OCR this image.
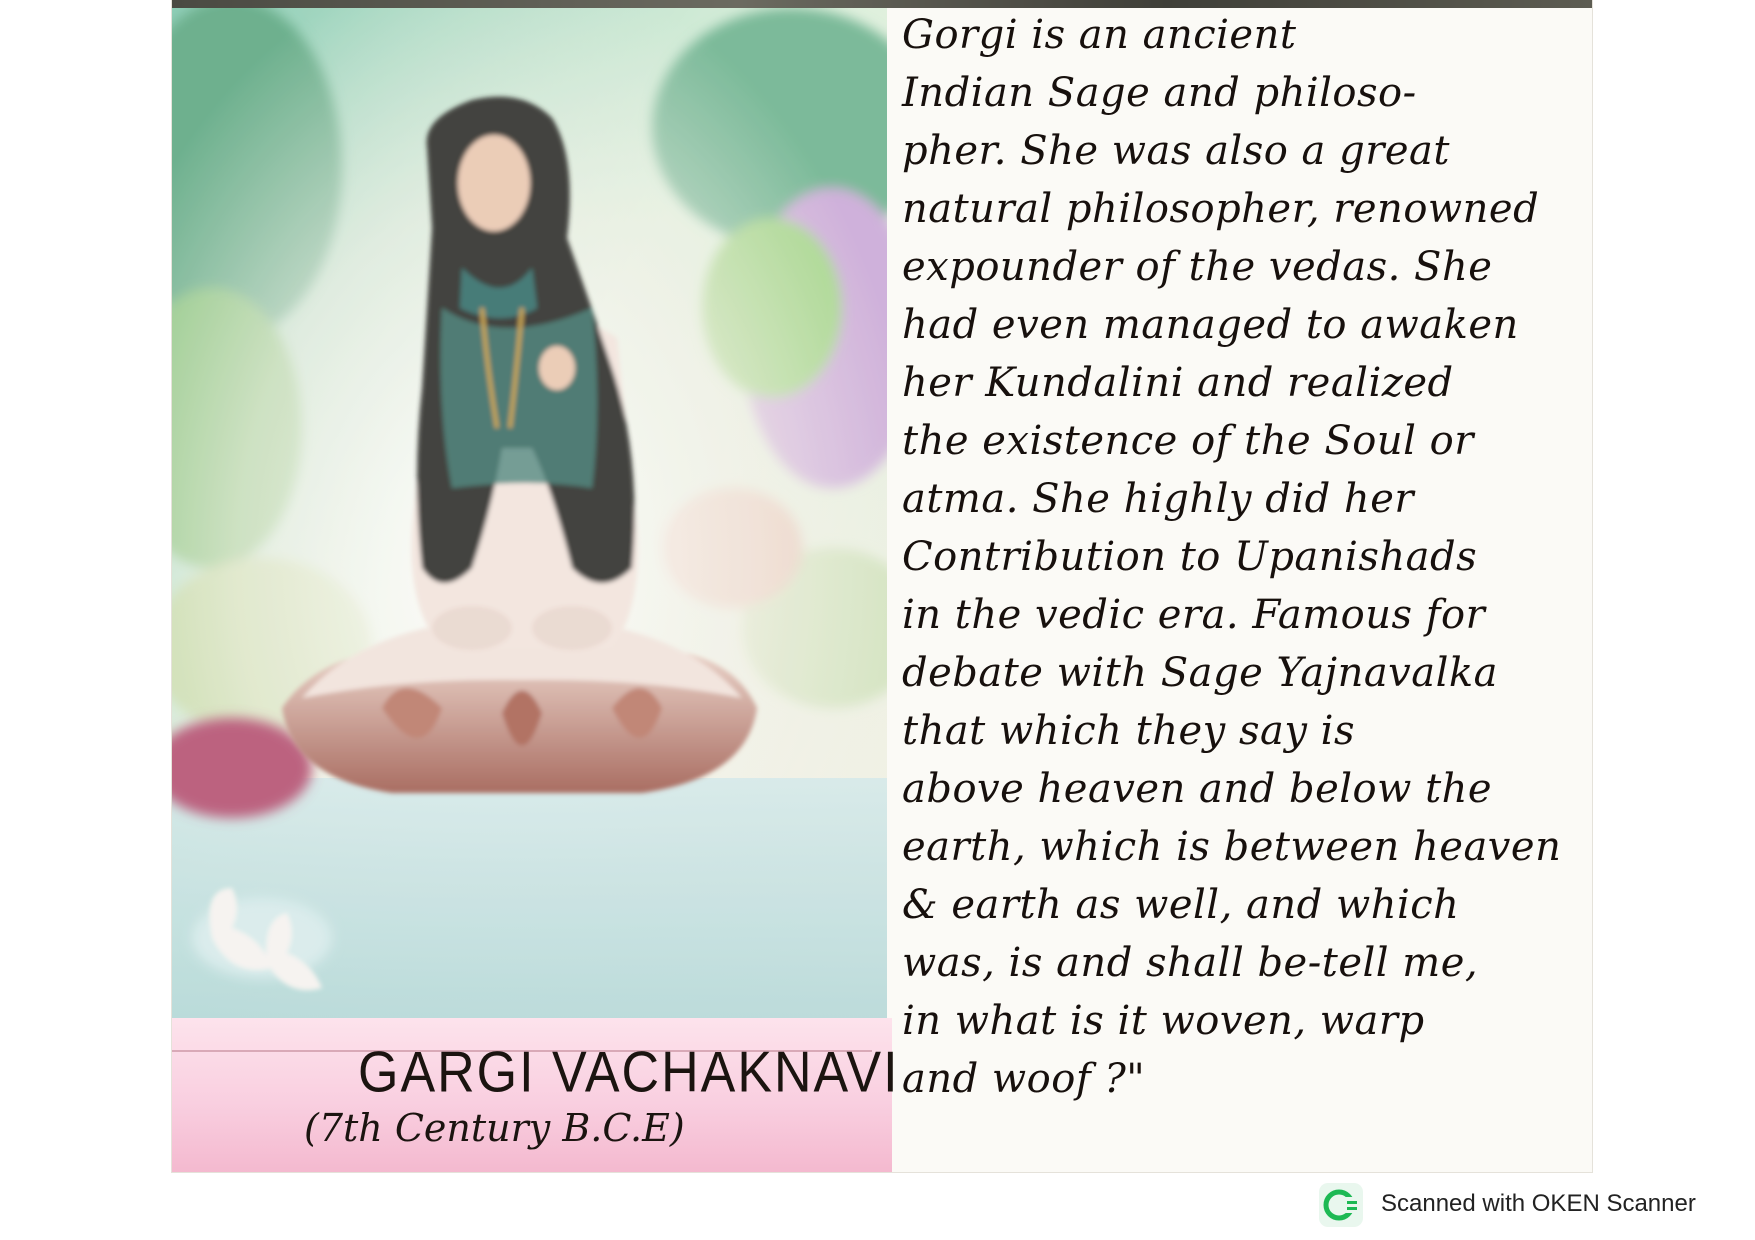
GARGI VACHAKNAVI
(7th Century B.C.E)
Gorgi is an ancient
Indian Sage and philoso-
pher. She was also a great
natural philosopher, renowned
expounder of the vedas. She
had even managed to awaken
her Kundalini and realized
the existence of the Soul or
atma. She highly did her
Contribution to Upanishads
in the vedic era. Famous for
debate with Sage Yajnavalka
that which they say is
above heaven and below the
earth, which is between heaven
& earth as well, and which
was, is and shall be-tell me,
in what is it woven, warp
and woof ?"
Scanned with OKEN Scanner
